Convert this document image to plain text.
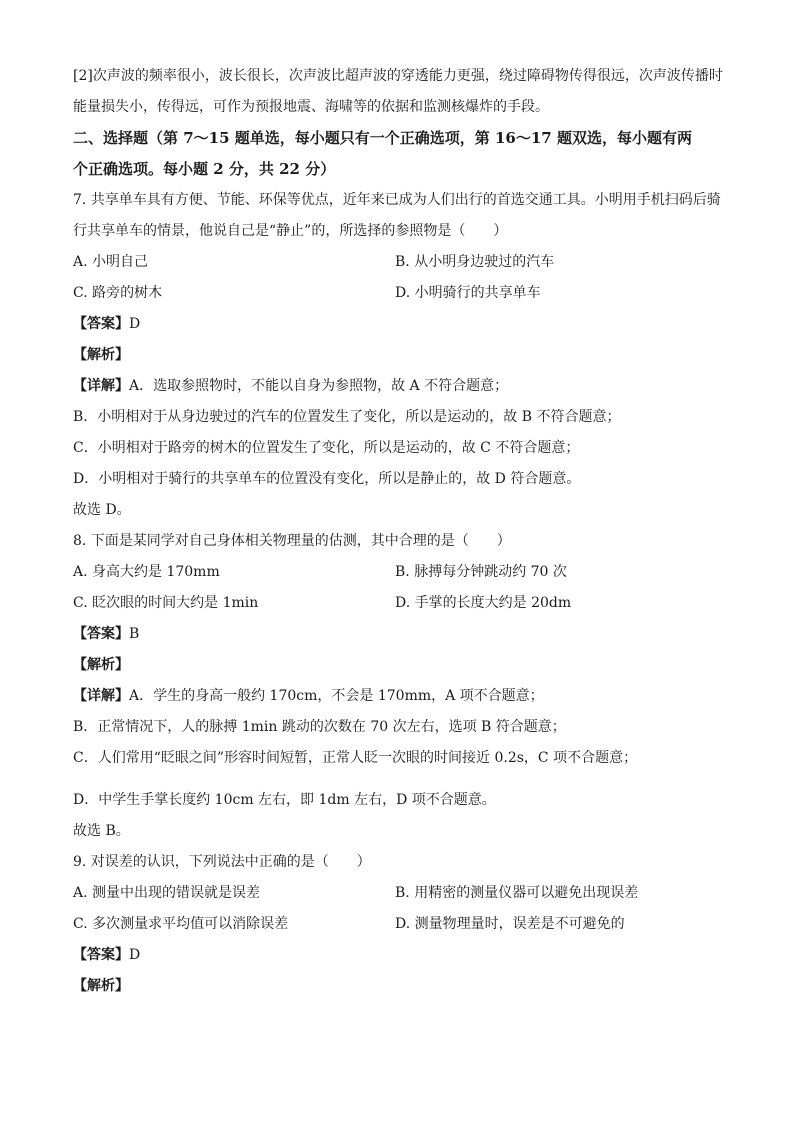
[2]次声波的频率很小，波长很长，次声波比超声波的穿透能力更强，绕过障碍物传得很远，次声波传播时

能量损失小，传得远，可作为预报地震、海啸等的依据和监测核爆炸的手段。

二、选择题（第 7～15 题单选，每小题只有一个正确选项，第 16～17 题双选，每小题有两

个正确选项。每小题 2 分，共 22 分）

7. 共享单车具有方便、节能、环保等优点，近年来已成为人们出行的首选交通工具。小明用手机扫码后骑

行共享单车的情景，他说自己是“静止”的，所选择的参照物是（　　）

A. 小明自己	B. 从小明身边驶过的汽车
C. 路旁的树木	D. 小明骑行的共享单车
【答案】D
【解析】
【详解】A．选取参照物时，不能以自身为参照物，故 A 不符合题意；

B．小明相对于从身边驶过的汽车的位置发生了变化，所以是运动的，故 B 不符合题意；

C．小明相对于路旁的树木的位置发生了变化，所以是运动的，故 C 不符合题意；

D．小明相对于骑行的共享单车的位置没有变化，所以是静止的，故 D 符合题意。

故选 D。

8. 下面是某同学对自己身体相关物理量的估测，其中合理的是（　　）

A. 身高大约是 170mm	B. 脉搏每分钟跳动约 70 次
C. 眨次眼的时间大约是 1min	D. 手掌的长度大约是 20dm
【答案】B
【解析】
【详解】A．学生的身高一般约 170cm，不会是 170mm，A 项不合题意；

B．正常情况下，人的脉搏 1min 跳动的次数在 70 次左右，选项 B 符合题意；

C．人们常用“眨眼之间”形容时间短暂，正常人眨一次眼的时间接近 0.2s，C 项不合题意；

D．中学生手掌长度约 10cm 左右，即 1dm 左右，D 项不合题意。

故选 B。

9. 对误差的认识，下列说法中正确的是（　　）

A. 测量中出现的错误就是误差	B. 用精密的测量仪器可以避免出现误差
C. 多次测量求平均值可以消除误差	D. 测量物理量时，误差是不可避免的
【答案】D
【解析】
